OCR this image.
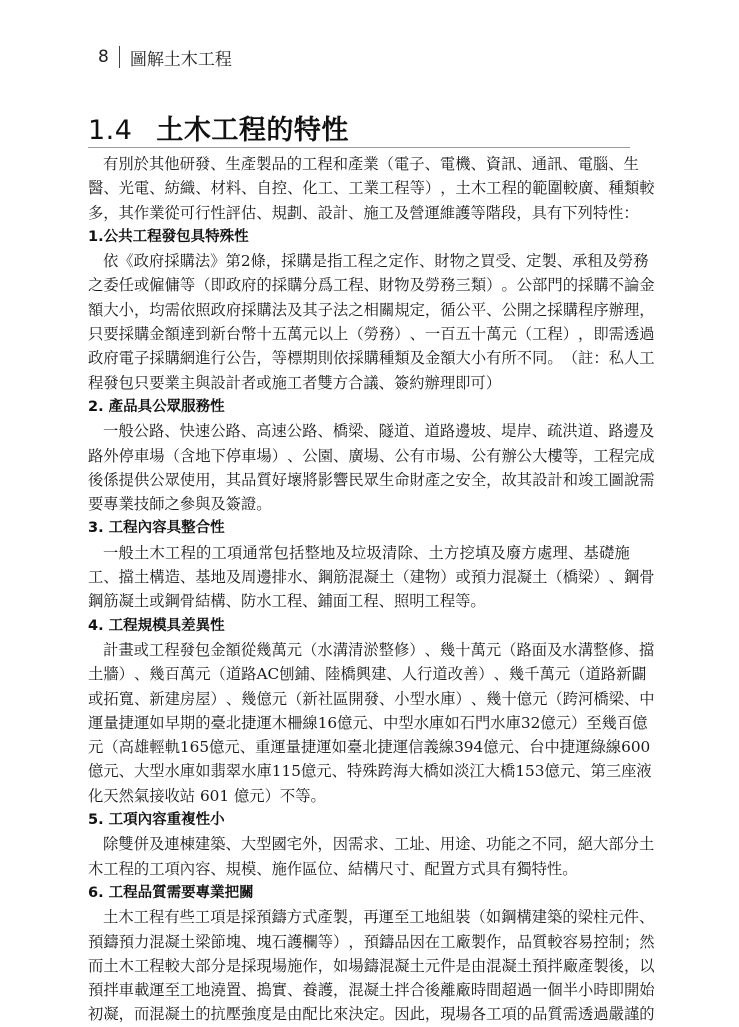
8 圖解土木工程
1.4 土木工程的特性
有 別 於 其 他 研 發 、 生 產 製 品 的 工 程 和 產 業 （ 電 子 、 電 機 、 資 訊 、 通 訊 、 電 腦 、 生
醫 、 光 電 、 紡 織 、 材 料 、 自 控 、 化 工 、 工 業 工 程 等 ） ， 土 木 工 程 的 範 圍 較 廣 、 種 類 較
多，其作業從可行性評估、規劃、設計、施工及營運維護等階段，具有下列特性：
1.公共工程發包具特殊性
依 《 政 府 採 購 法 》 第 2 條 ， 採 購 是 指 工 程 之 定 作 、 財 物 之 買 受 、 定 製 、 承 租 及 勞 務
之 委 任 或 僱 傭 等 （ 即 政 府 的 採 購 分 爲 工 程 、 財 物 及 勞 務 三 類 ） 。 公 部 門 的 採 購 不 論 金
額 大 小 ， 均 需 依 照 政 府 採 購 法 及 其 子 法 之 相 關 規 定 ， 循 公 平 、 公 開 之 採 購 程 序 辦 理 ，
只 要 採 購 金 額 達 到 新 台 幣 十 五 萬 元 以 上 （ 勞 務 ） 、 一 百 五 十 萬 元 （ 工 程 ） ， 即 需 透 過
政 府 電 子 採 購 網 進 行 公 告 ， 等 標 期 則 依 採 購 種 類 及 金 額 大 小 有 所 不 同 。 （ 註 ： 私 人 工
程發包只要業主與設計者或施工者雙方合議、簽約辦理即可）
2. 產品具公眾服務性
一 般 公 路 、 快 速 公 路 、 高 速 公 路 、 橋 梁 、 隧 道 、 道 路 邊 坡 、 堤 岸 、 疏 洪 道 、 路 邊 及
路 外 停 車 場 （ 含 地 下 停 車 場 ） 、 公 園 、 廣 場 、 公 有 市 場 、 公 有 辦 公 大 樓 等 ， 工 程 完 成
後 係 提 供 公 眾 使 用 ， 其 品 質 好 壞 將 影 響 民 眾 生 命 財 產 之 安 全 ， 故 其 設 計 和 竣 工 圖 說 需
要專業技師之參與及簽證。
3. 工程內容具整合性
一 般 土 木 工 程 的 工 項 通 常 包 括 整 地 及 垃 圾 清 除 、 土 方 挖 填 及 廢 方 處 理 、 基 礎 施
工 、 擋 土 構 造 、 基 地 及 周 邊 排 水 、 鋼 筋 混 凝 土 （ 建 物 ） 或 預 力 混 凝 土 （ 橋 梁 ） 、 鋼 骨
鋼筋凝土或鋼骨結構、防水工程、鋪面工程、照明工程等。
4. 工程規模具差異性
計 畫 或 工 程 發 包 金 額 從 幾 萬 元 （ 水 溝 清 淤 整 修 ） 、 幾 十 萬 元 （ 路 面 及 水 溝 整 修 、 擋
土 牆 ） 、 幾 百 萬 元 （ 道 路 AC 刨 鋪 、 陸 橋 興 建 、 人 行 道 改 善 ） 、 幾 千 萬 元 （ 道 路 新 闢
或 拓 寬 、 新 建 房 屋 ） 、 幾 億 元 （ 新 社 區 開 發 、 小 型 水 庫 ） 、 幾 十 億 元 （ 跨 河 橋 梁 、 中
運 量 捷 運 如 早 期 的 臺 北 捷 運 木 柵 線 16 億 元 、 中 型 水 庫 如 石 門 水 庫 32 億 元 ） 至 幾 百 億
元 （ 高 雄 輕 軌 165 億 元 、 重 運 量 捷 運 如 臺 北 捷 運 信 義 線 394 億 元 、 台 中 捷 運 綠 線 600
億 元 、 大 型 水 庫 如 翡 翠 水 庫 115 億 元 、 特 殊 跨 海 大 橋 如 淡 江 大 橋 153 億 元 、 第 三 座 液
化天然氣接收站 601 億元）不等。
5. 工項內容重複性小
除 雙 併 及 連 棟 建 築 、 大 型 國 宅 外 ， 因 需 求 、 工 址 、 用 途 、 功 能 之 不 同 ， 絕 大 部 分 土
木工程的工項內容、規模、施作區位、結構尺寸、配置方式具有獨特性。
6. 工程品質需要專業把關
土 木 工 程 有 些 工 項 是 採 預 鑄 方 式 產 製 ， 再 運 至 工 地 組 裝 （ 如 鋼 構 建 築 的 梁 柱 元 件 、
預 鑄 預 力 混 凝 土 梁 節 塊 、 塊 石 護 欄 等 ） ， 預 鑄 品 因 在 工 廠 製 作 ， 品 質 較 容 易 控 制 ； 然
而 土 木 工 程 較 大 部 分 是 採 現 場 施 作 ， 如 場 鑄 混 凝 土 元 件 是 由 混 凝 土 預 拌 廠 產 製 後 ， 以
預 拌 車 載 運 至 工 地 澆 置 、 搗 實 、 養 護 ， 混 凝 土 拌 合 後 離 廠 時 間 超 過 一 個 半 小 時 即 開 始
初 凝 ， 而 混 凝 土 的 抗 壓 強 度 是 由 配 比 來 決 定 。 因 此 ， 現 場 各 工 項 的 品 質 需 透 過 嚴 謹 的
